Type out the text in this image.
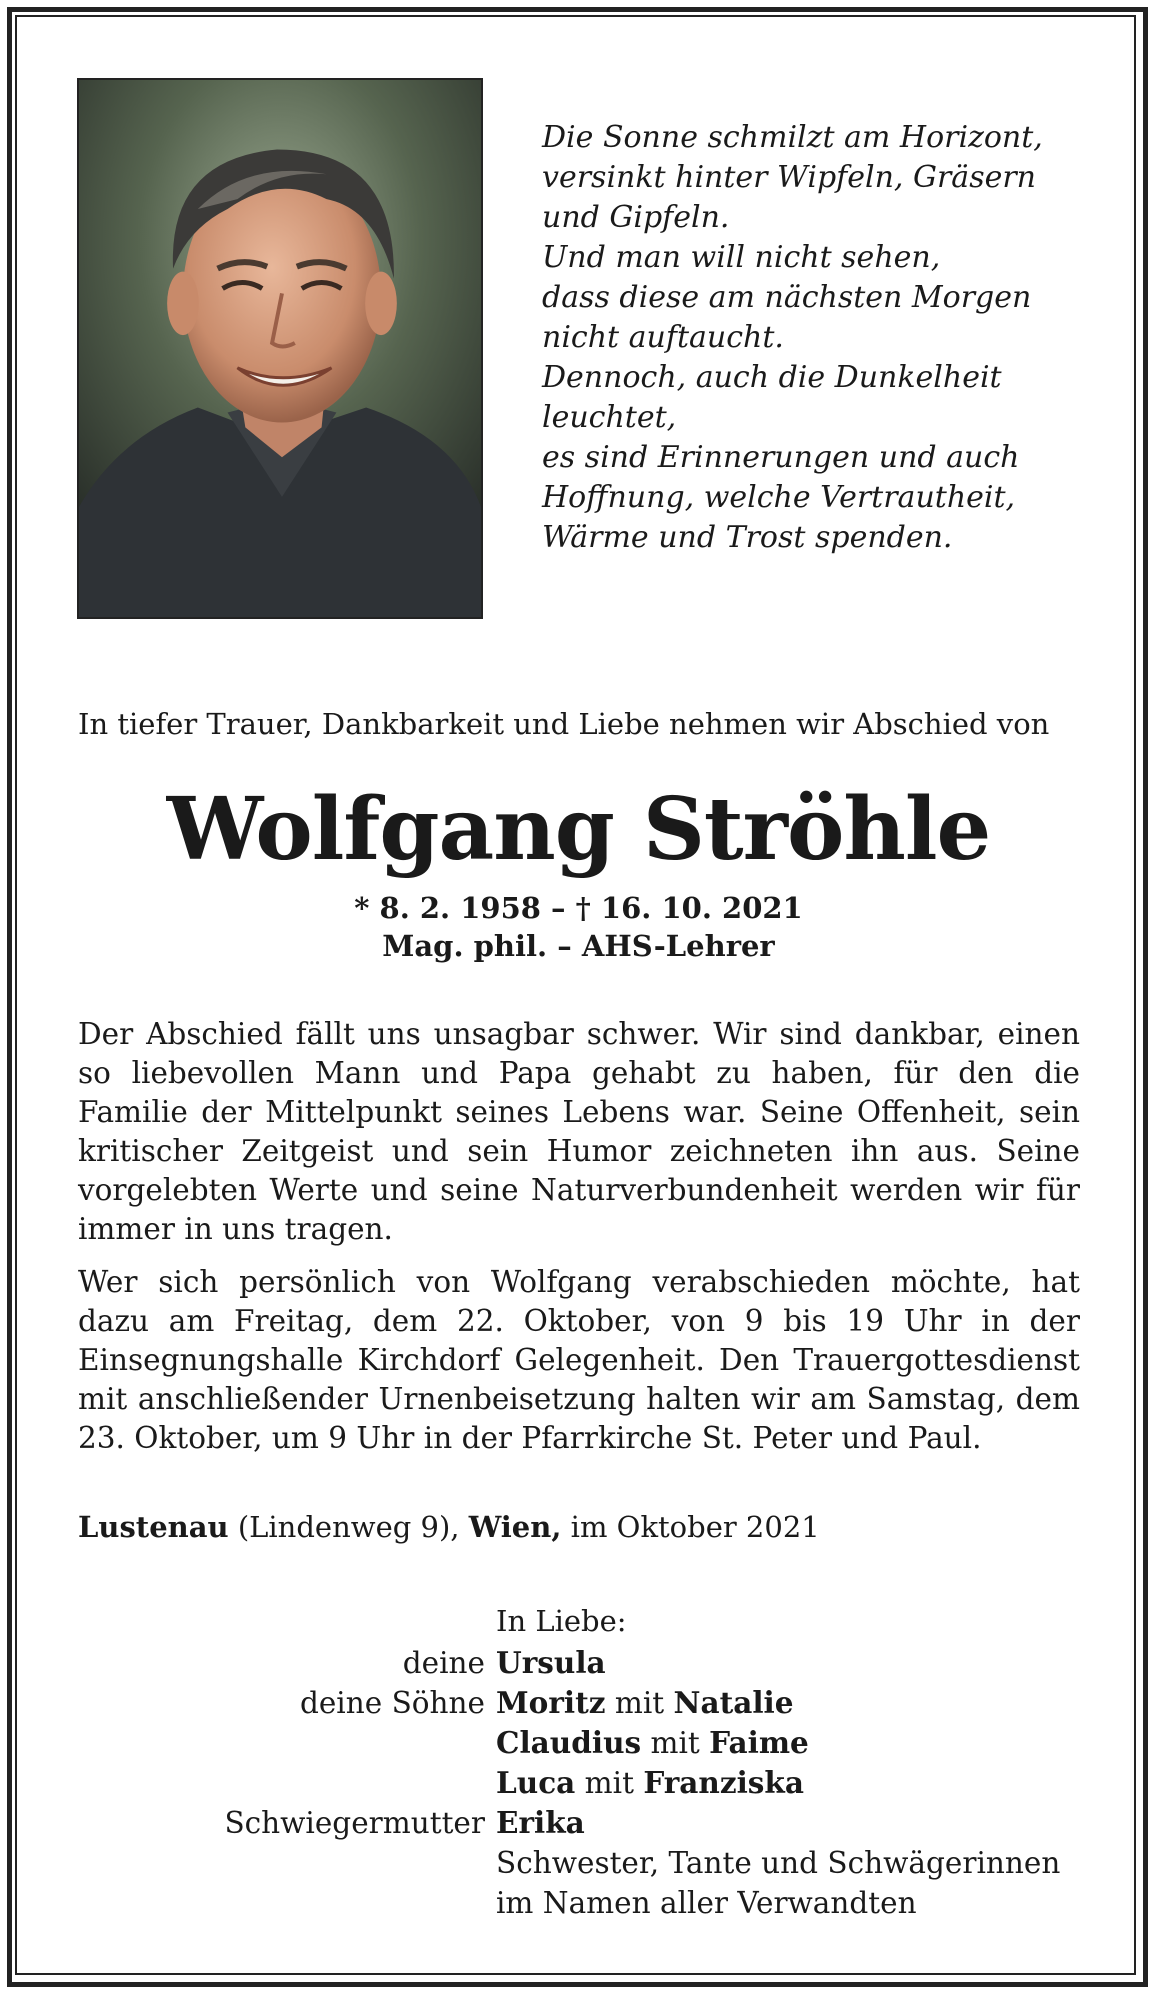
Die Sonne schmilzt am Horizont,
versinkt hinter Wipfeln, Gräsern
und Gipfeln.
Und man will nicht sehen,
dass diese am nächsten Morgen
nicht auftaucht.
Dennoch, auch die Dunkelheit
leuchtet,
es sind Erinnerungen und auch
Hoffnung, welche Vertrautheit,
Wärme und Trost spenden.
In tiefer Trauer, Dankbarkeit und Liebe nehmen wir Abschied von
Wolfgang Ströhle
* 8. 2. 1958 – † 16. 10. 2021
Mag. phil. – AHS-Lehrer
Der Abschied fällt uns unsagbar schwer. Wir sind dankbar, einen so liebevollen Mann und Papa gehabt zu haben, für den die Familie der Mittelpunkt seines Lebens war. Seine Offenheit, sein kritischer Zeitgeist und sein Humor zeichneten ihn aus. Seine vorgelebten Werte und seine Naturverbundenheit werden wir für immer in uns tragen.
Wer sich persönlich von Wolfgang verabschieden möchte, hat dazu am Freitag, dem 22. Oktober, von 9 bis 19 Uhr in der Einsegnungshalle Kirchdorf Gelegenheit. Den Trauergottesdienst mit anschließender Urnenbeisetzung halten wir am Samstag, dem 23. Oktober, um 9 Uhr in der Pfarrkirche St. Peter und Paul.
Lustenau (Lindenweg 9), Wien, im Oktober 2021
In Liebe:
deine Ursula
deine Söhne Moritz mit Natalie
Claudius mit Faime
Luca mit Franziska
Schwiegermutter Erika
Schwester, Tante und Schwägerinnen
im Namen aller Verwandten
